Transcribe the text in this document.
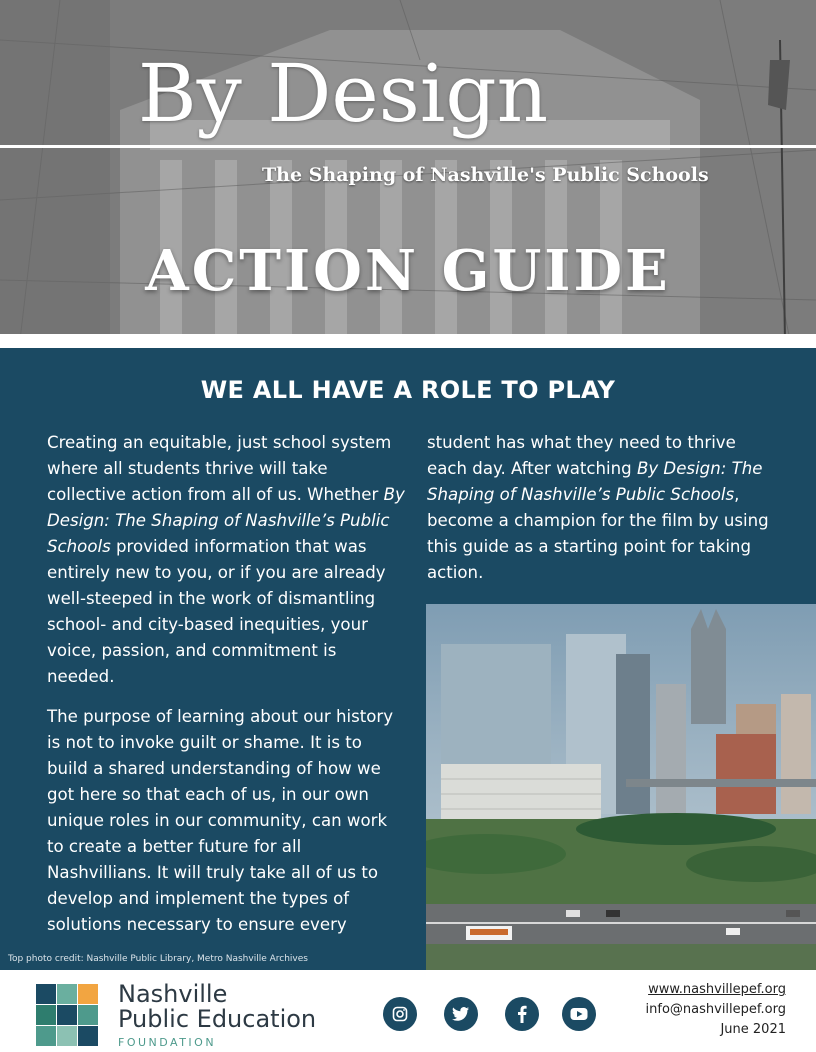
By Design
The Shaping of Nashville's Public Schools
ACTION GUIDE
WE ALL HAVE A ROLE TO PLAY

Creating an equitable, just school system where all students thrive will take collective action from all of us. Whether By Design: The Shaping of Nashville’s Public Schools provided information that was entirely new to you, or if you are already well-steeped in the work of dismantling school- and city-based inequities, your voice, passion, and commitment is needed.

The purpose of learning about our history is not to invoke guilt or shame. It is to build a shared understanding of how we got here so that each of us, in our own unique roles in our community, can work to create a better future for all Nashvillians. It will truly take all of us to develop and implement the types of solutions necessary to ensure every

student has what they need to thrive each day. After watching By Design: The Shaping of Nashville’s Public Schools, become a champion for the film by using this guide as a starting point for taking action.

Top photo credit: Nashville Public Library, Metro Nashville Archives
Nashville
Public Education
FOUNDATION
www.nashvillepef.org
info@nashvillepef.org
June 2021
